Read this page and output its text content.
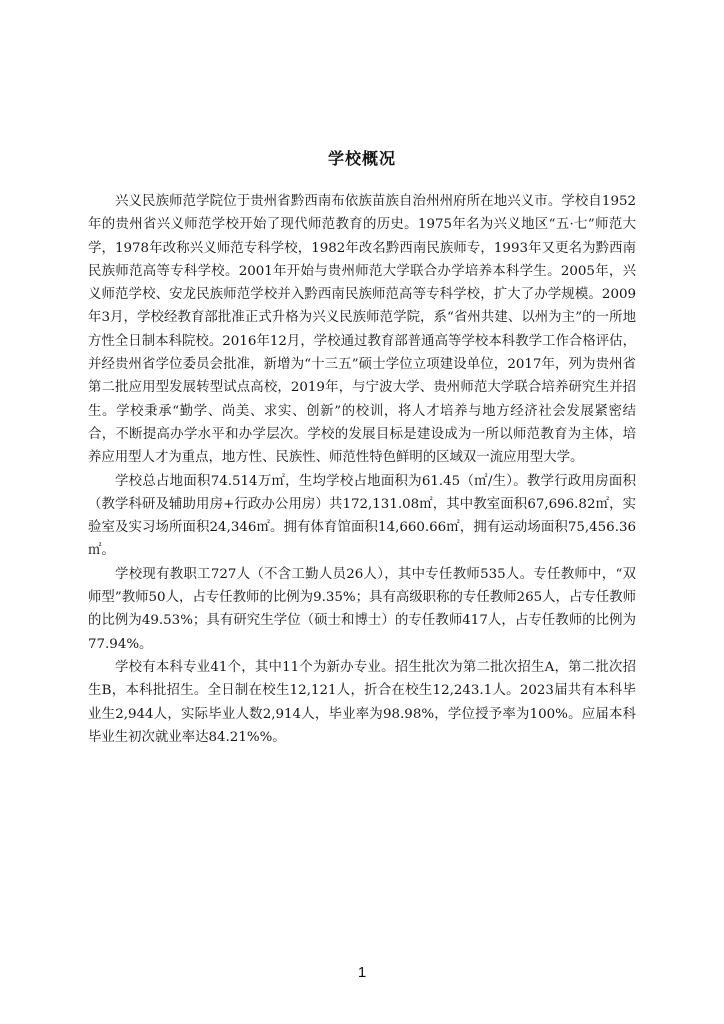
学校概况

兴义民族师范学院位于贵州省黔西南布依族苗族自治州州府所在地兴义市。学校自1952年的贵州省兴义师范学校开始了现代师范教育的历史。1975年名为兴义地区“五·七”师范大学，1978年改称兴义师范专科学校，1982年改名黔西南民族师专，1993年又更名为黔西南民族师范高等专科学校。2001年开始与贵州师范大学联合办学培养本科学生。2005年，兴义师范学校、安龙民族师范学校并入黔西南民族师范高等专科学校，扩大了办学规模。2009年3月，学校经教育部批准正式升格为兴义民族师范学院，系“省州共建、以州为主”的一所地方性全日制本科院校。2016年12月，学校通过教育部普通高等学校本科教学工作合格评估，并经贵州省学位委员会批准，新增为“十三五”硕士学位立项建设单位，2017年，列为贵州省第二批应用型发展转型试点高校，2019年，与宁波大学、贵州师范大学联合培养研究生并招生。学校秉承“勤学、尚美、求实、创新”的校训，将人才培养与地方经济社会发展紧密结合，不断提高办学水平和办学层次。学校的发展目标是建设成为一所以师范教育为主体，培养应用型人才为重点，地方性、民族性、师范性特色鲜明的区域双一流应用型大学。

学校总占地面积74.514万㎡，生均学校占地面积为61.45（㎡/生）。教学行政用房面积（教学科研及辅助用房+行政办公用房）共172,131.08㎡，其中教室面积67,696.82㎡，实验室及实习场所面积24,346㎡。拥有体育馆面积14,660.66㎡，拥有运动场面积75,456.36㎡。

学校现有教职工727人（不含工勤人员26人），其中专任教师535人。专任教师中，“双师型”教师50人，占专任教师的比例为9.35%；具有高级职称的专任教师265人，占专任教师的比例为49.53%；具有研究生学位（硕士和博士）的专任教师417人，占专任教师的比例为77.94%。

学校有本科专业41个，其中11个为新办专业。招生批次为第二批次招生A，第二批次招生B，本科批招生。全日制在校生12,121人，折合在校生12,243.1人。2023届共有本科毕业生2,944人，实际毕业人数2,914人，毕业率为98.98%，学位授予率为100%。应届本科毕业生初次就业率达84.21%%。

1
